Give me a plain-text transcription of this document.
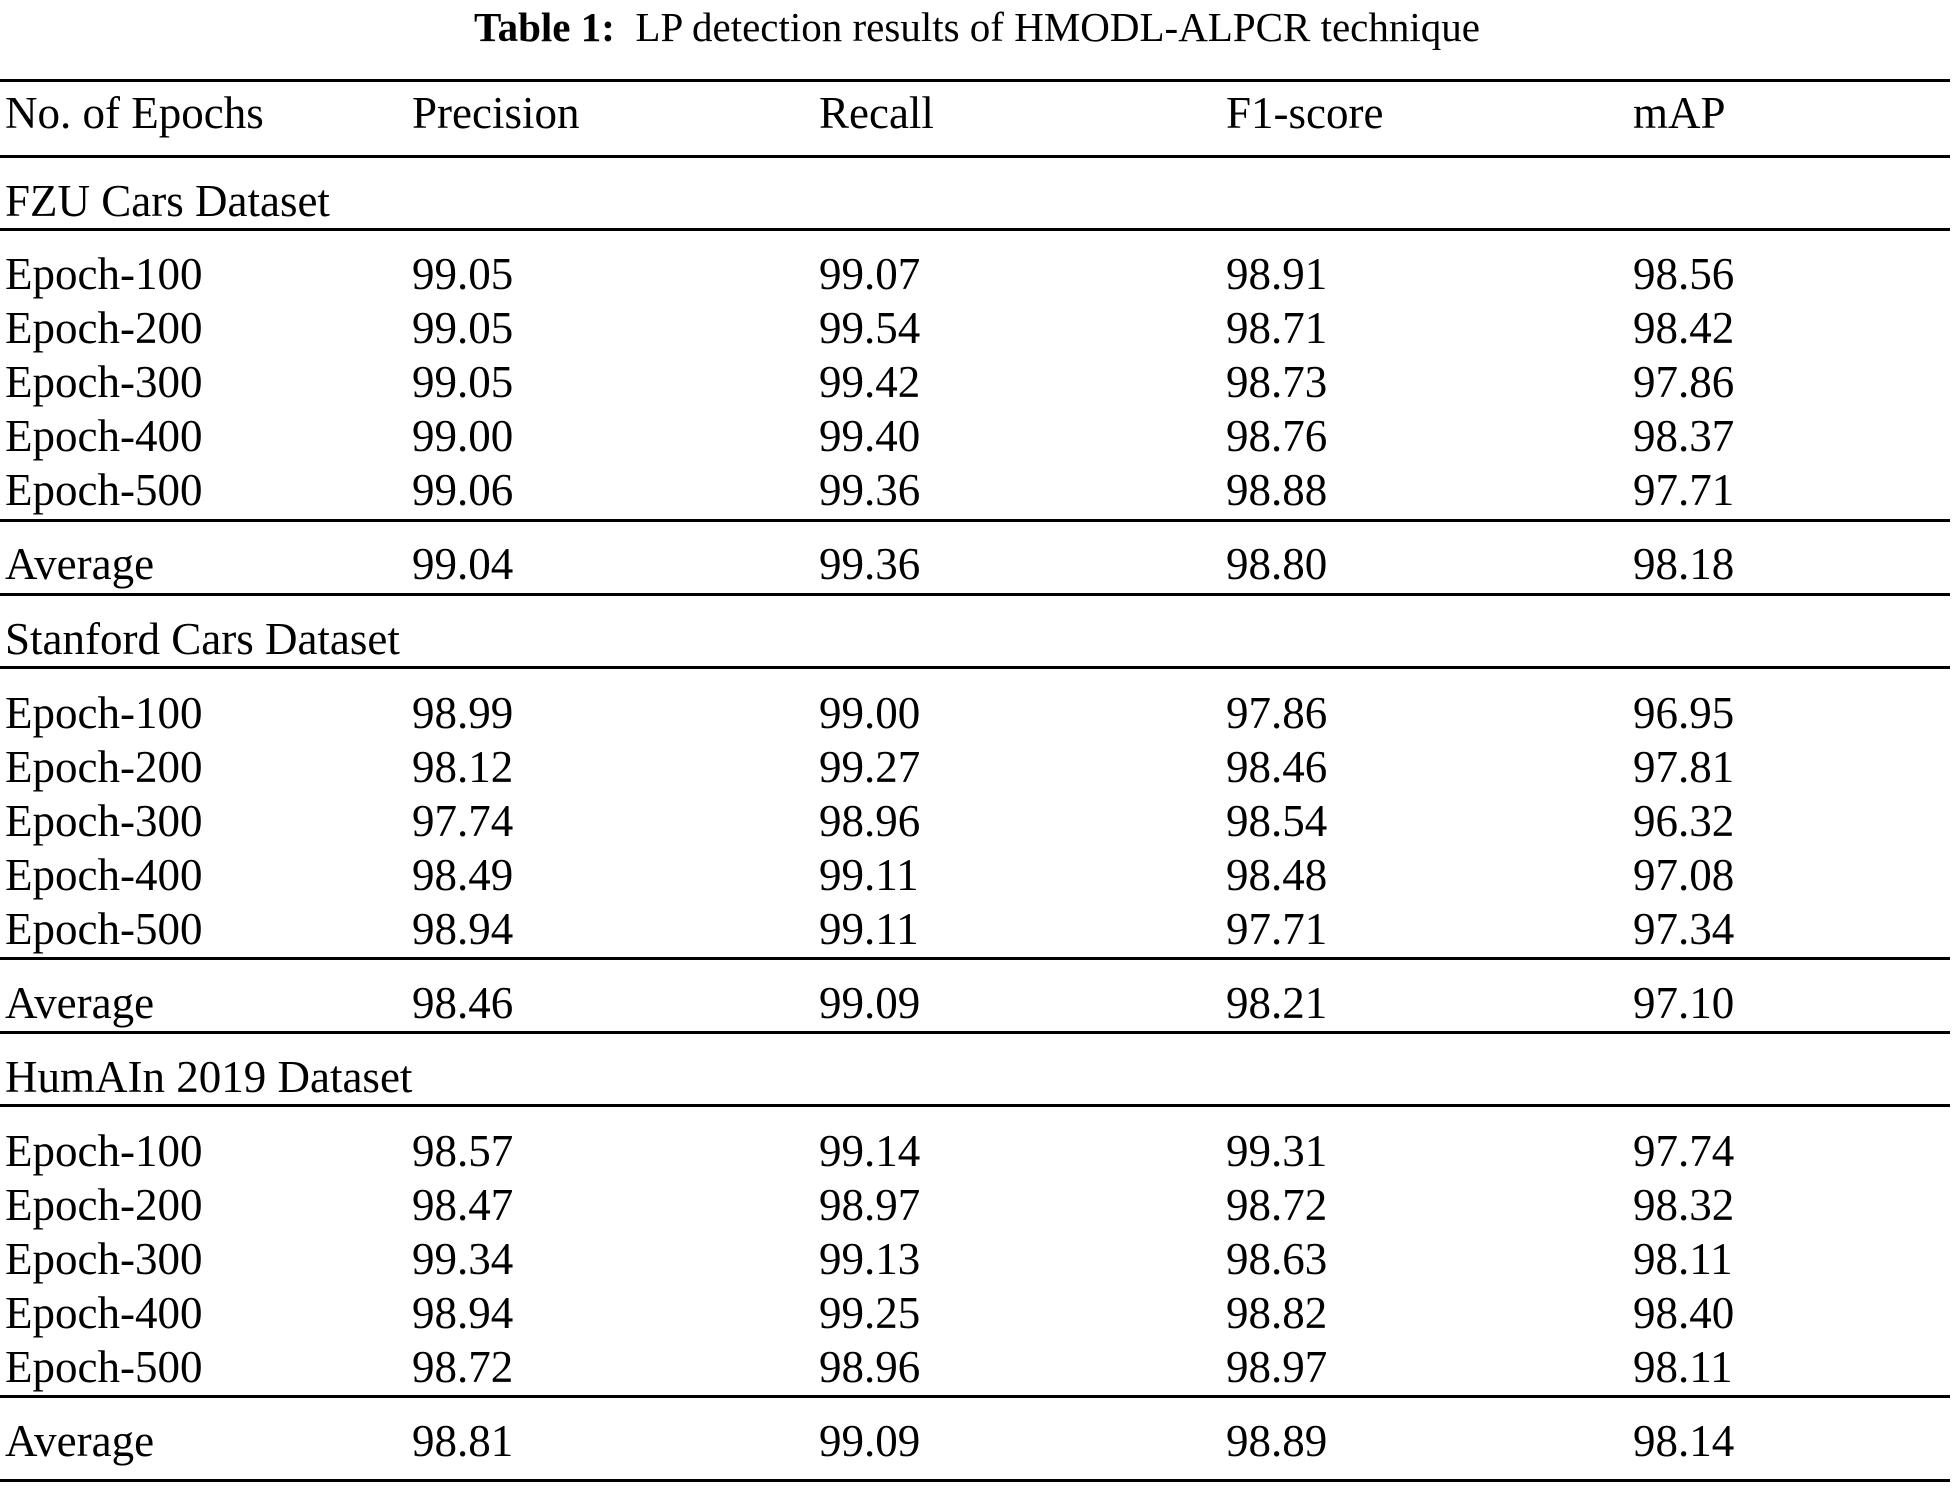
Table 1: LP detection results of HMODL-ALPCR technique
No. of Epochs	Precision	Recall	F1-score	mAP
FZU Cars Dataset
Epoch-100	99.05	99.07	98.91	98.56
Epoch-200	99.05	99.54	98.71	98.42
Epoch-300	99.05	99.42	98.73	97.86
Epoch-400	99.00	99.40	98.76	98.37
Epoch-500	99.06	99.36	98.88	97.71
Average	99.04	99.36	98.80	98.18
Stanford Cars Dataset
Epoch-100	98.99	99.00	97.86	96.95
Epoch-200	98.12	99.27	98.46	97.81
Epoch-300	97.74	98.96	98.54	96.32
Epoch-400	98.49	99.11	98.48	97.08
Epoch-500	98.94	99.11	97.71	97.34
Average	98.46	99.09	98.21	97.10
HumAIn 2019 Dataset
Epoch-100	98.57	99.14	99.31	97.74
Epoch-200	98.47	98.97	98.72	98.32
Epoch-300	99.34	99.13	98.63	98.11
Epoch-400	98.94	99.25	98.82	98.40
Epoch-500	98.72	98.96	98.97	98.11
Average	98.81	99.09	98.89	98.14
